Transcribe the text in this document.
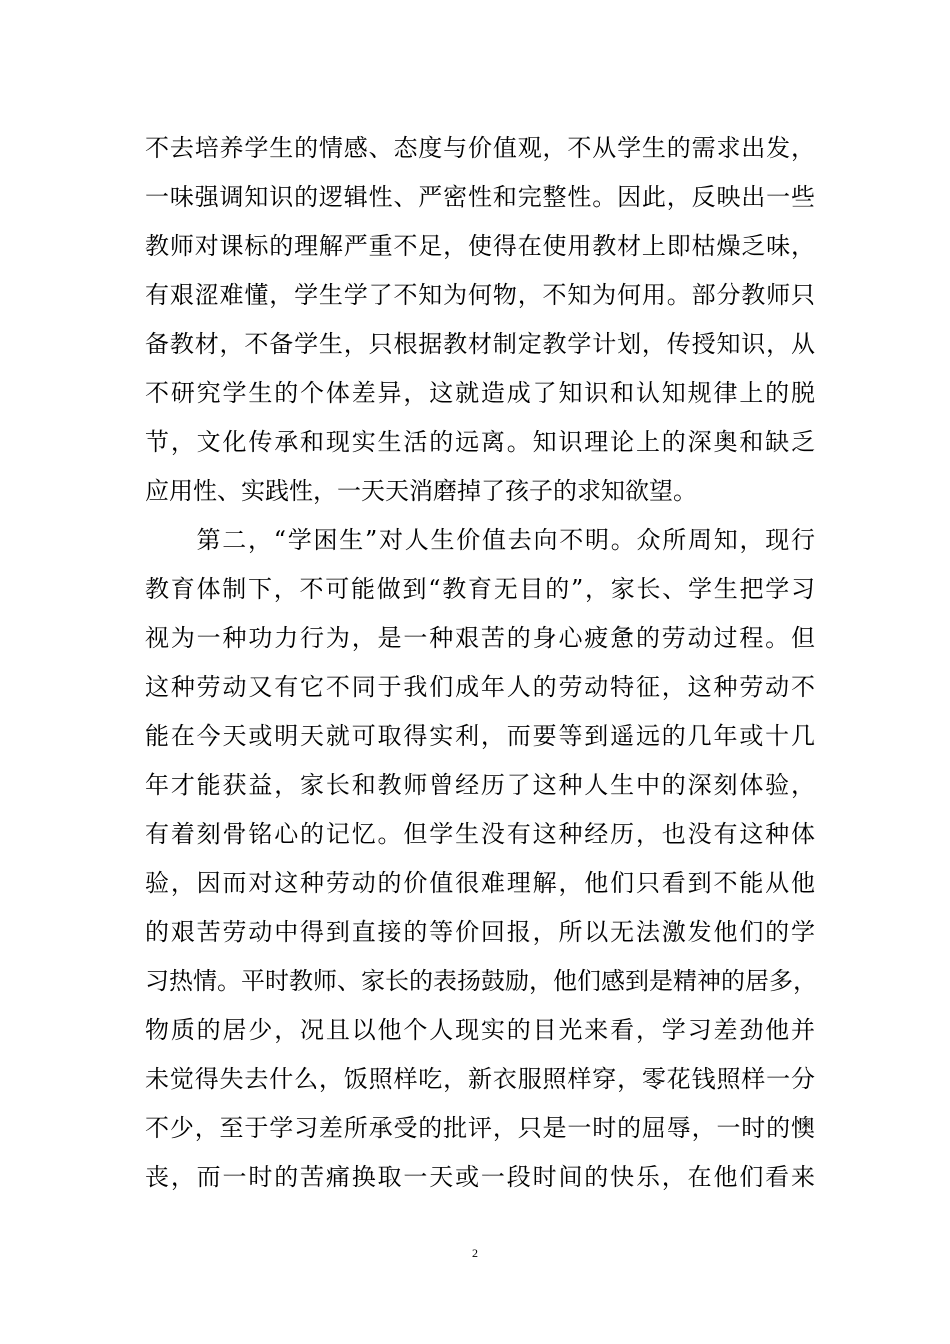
不去培养学生的情感、态度与价值观，不从学生的需求出发，
一味强调知识的逻辑性、严密性和完整性。因此，反映出一些
教师对课标的理解严重不足，使得在使用教材上即枯燥乏味，
有艰涩难懂，学生学了不知为何物，不知为何用。部分教师只
备教材，不备学生，只根据教材制定教学计划，传授知识，从
不研究学生的个体差异，这就造成了知识和认知规律上的脱
节，文化传承和现实生活的远离。知识理论上的深奥和缺乏
应用性、实践性，一天天消磨掉了孩子的求知欲望。
　　第二，“学困生”对人生价值去向不明。众所周知，现行
教育体制下，不可能做到“教育无目的”，家长、学生把学习
视为一种功力行为，是一种艰苦的身心疲惫的劳动过程。但
这种劳动又有它不同于我们成年人的劳动特征，这种劳动不
能在今天或明天就可取得实利，而要等到遥远的几年或十几
年才能获益，家长和教师曾经历了这种人生中的深刻体验，
有着刻骨铭心的记忆。但学生没有这种经历，也没有这种体
验，因而对这种劳动的价值很难理解，他们只看到不能从他
的艰苦劳动中得到直接的等价回报，所以无法激发他们的学
习热情。平时教师、家长的表扬鼓励，他们感到是精神的居多，
物质的居少，况且以他个人现实的目光来看，学习差劲他并
未觉得失去什么，饭照样吃，新衣服照样穿，零花钱照样一分
不少，至于学习差所承受的批评，只是一时的屈辱，一时的懊
丧，而一时的苦痛换取一天或一段时间的快乐，在他们看来
2
